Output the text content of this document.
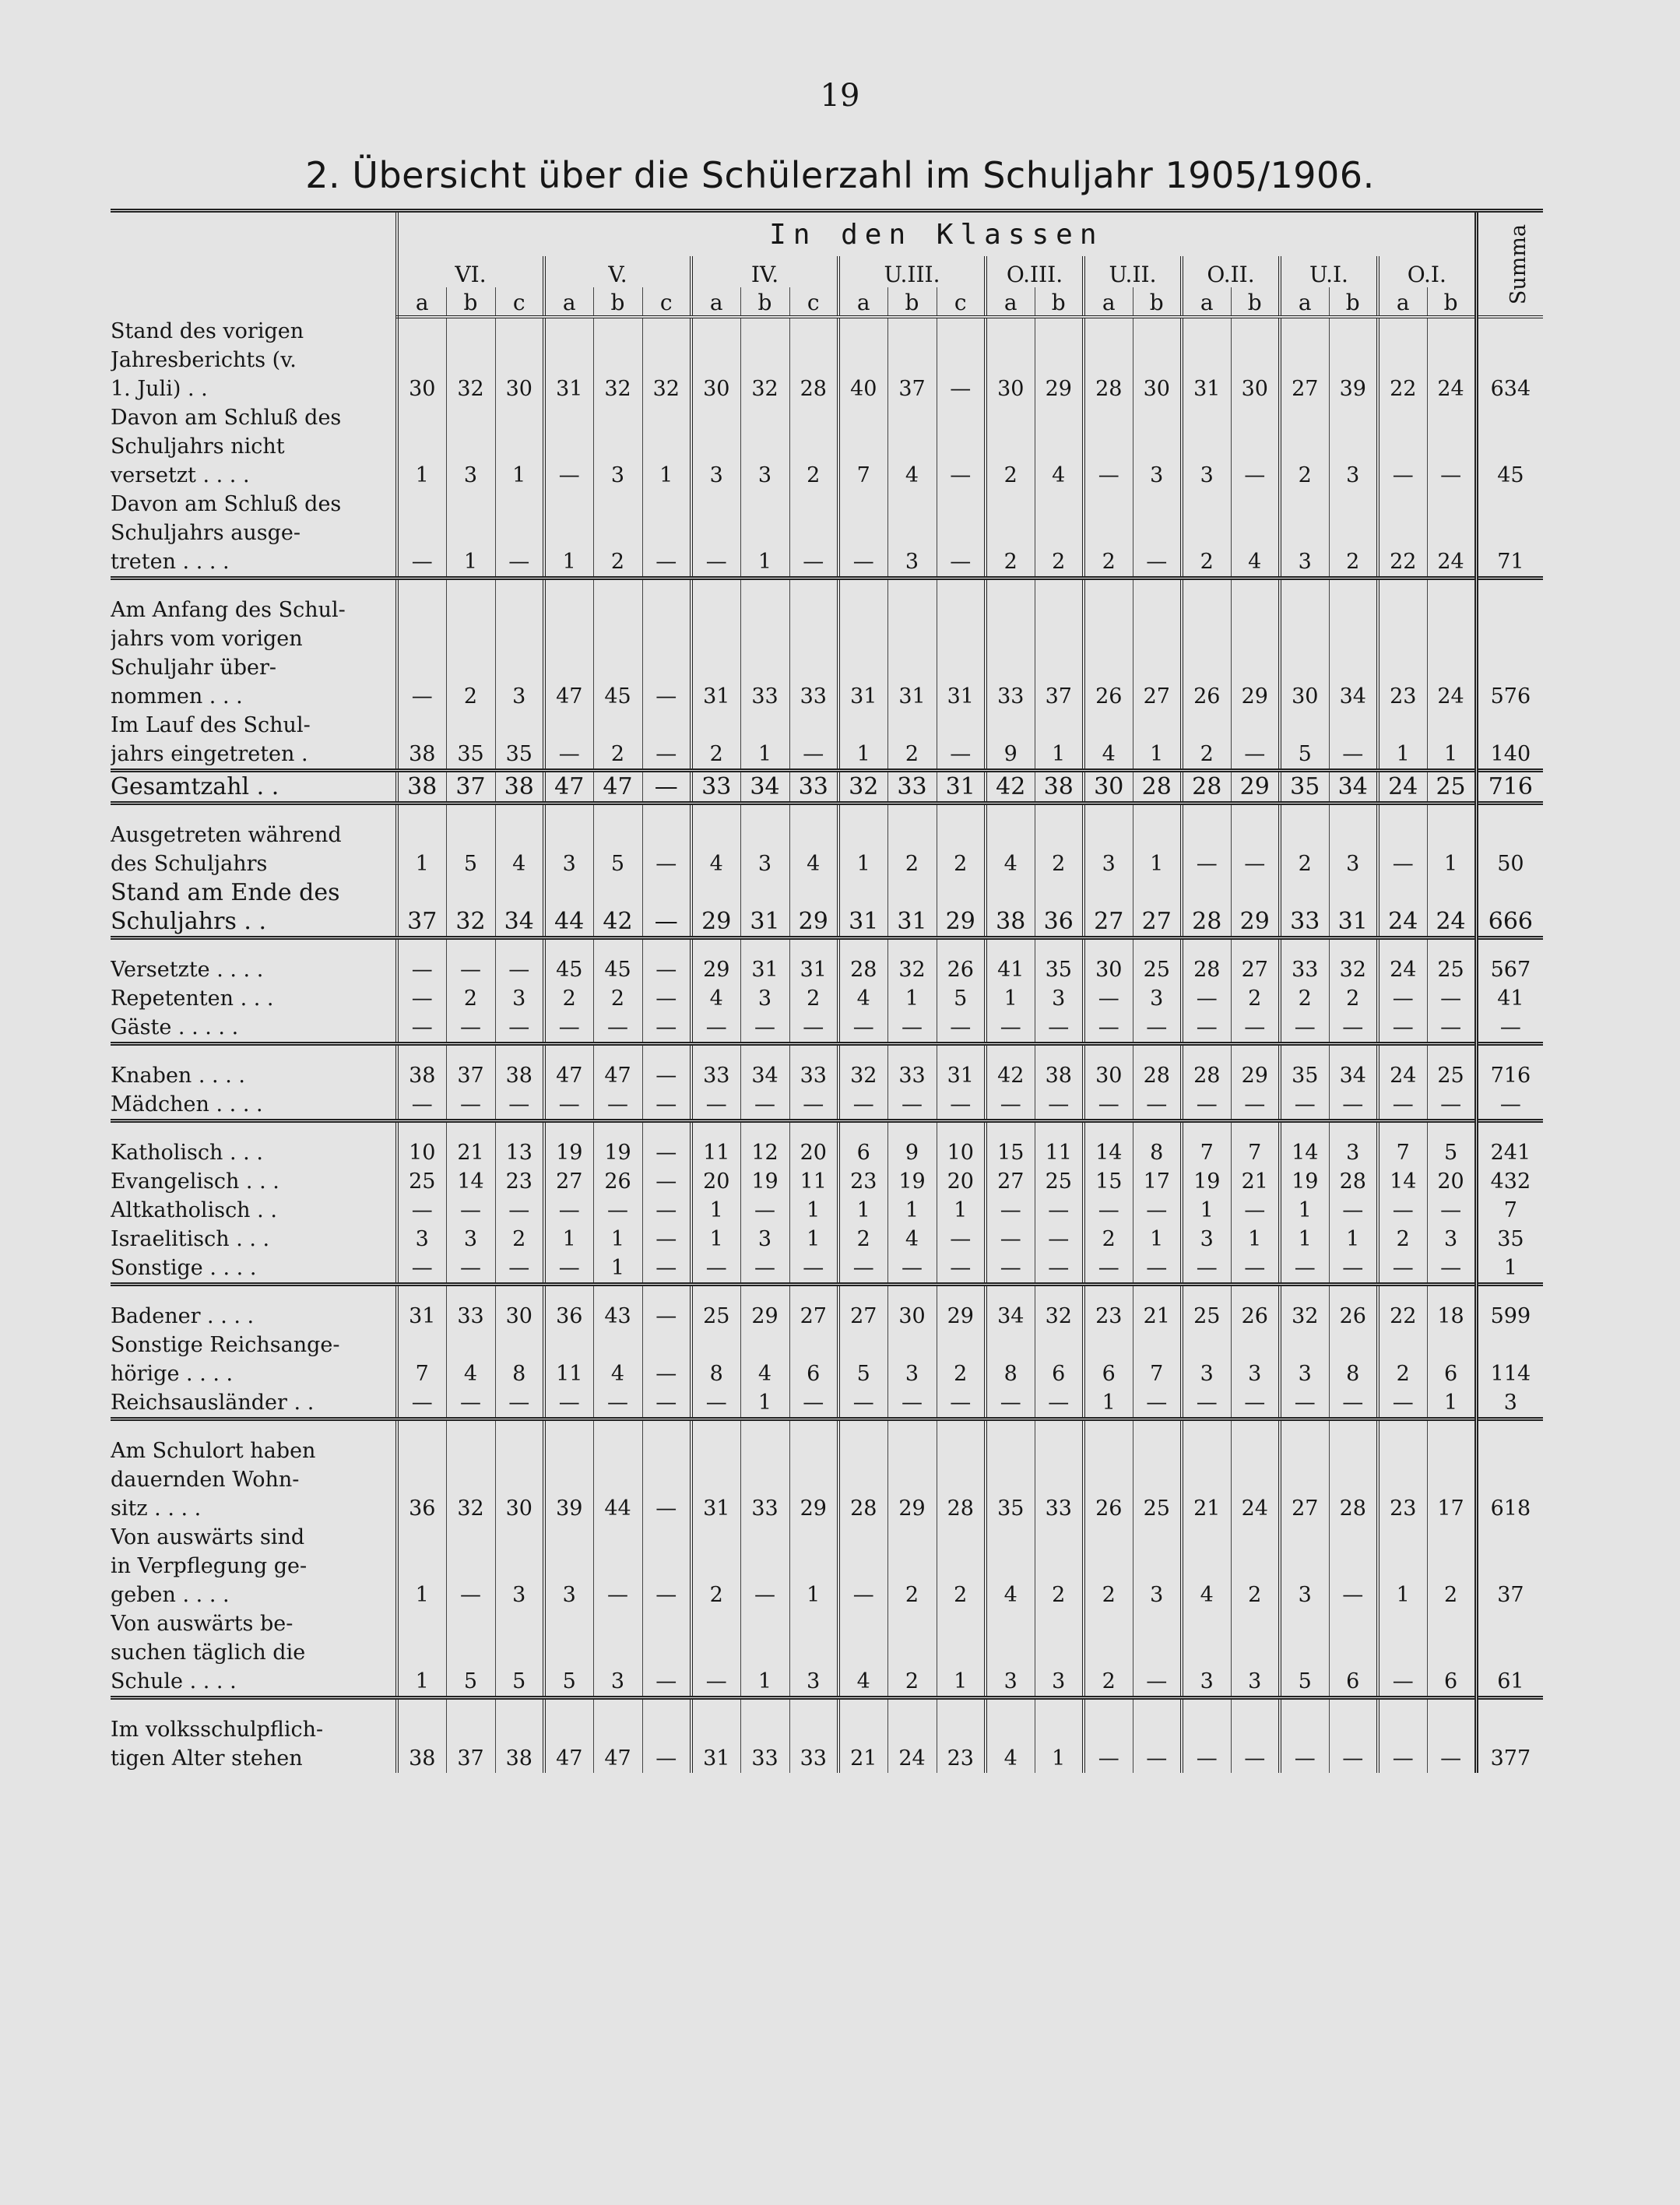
19
2. Übersicht über die Schülerzahl im Schuljahr 1905/1906.
	In den Klassen																						Summa
	VI.			V.			IV.			U.III.			O.III.		U.II.		O.II.		U.I.		O.I.		
	a	b	c	a	b	c	a	b	c	a	b	c	a	b	a	b	a	b	a	b	a	b	

Stand des vorigen
Jahresberichts (v.
1. Juli) . .	30	32	30	31	32	32	30	32	28	40	37	—	30	29	28	30	31	30	27	39	22	24	634

Davon am Schluß des
Schuljahrs nicht
versetzt . . . .	1	3	1	—	3	1	3	3	2	7	4	—	2	4	—	3	3	—	2	3	—	—	45

Davon am Schluß des
Schuljahrs ausge-
treten . . . .	—	1	—	1	2	—	—	1	—	—	3	—	2	2	2	—	2	4	3	2	22	24	71

Am Anfang des Schul-
jahrs vom vorigen
Schuljahr über-
nommen . . .	—	2	3	47	45	—	31	33	33	31	31	31	33	37	26	27	26	29	30	34	23	24	576

Im Lauf des Schul-
jahrs eingetreten .	38	35	35	—	2	—	2	1	—	1	2	—	9	1	4	1	2	—	5	—	1	1	140

Gesamtzahl . .	38	37	38	47	47	—	33	34	33	32	33	31	42	38	30	28	28	29	35	34	24	25	716

Ausgetreten während
des Schuljahrs	1	5	4	3	5	—	4	3	4	1	2	2	4	2	3	1	—	—	2	3	—	1	50

Stand am Ende des
Schuljahrs . .	37	32	34	44	42	—	29	31	29	31	31	29	38	36	27	27	28	29	33	31	24	24	666

Versetzte . . . .	—	—	—	45	45	—	29	31	31	28	32	26	41	35	30	25	28	27	33	32	24	25	567

Repetenten . . .	—	2	3	2	2	—	4	3	2	4	1	5	1	3	—	3	—	2	2	2	—	—	41

Gäste . . . . .	—	—	—	—	—	—	—	—	—	—	—	—	—	—	—	—	—	—	—	—	—	—	—

Knaben . . . .	38	37	38	47	47	—	33	34	33	32	33	31	42	38	30	28	28	29	35	34	24	25	716

Mädchen . . . .	—	—	—	—	—	—	—	—	—	—	—	—	—	—	—	—	—	—	—	—	—	—	—

Katholisch . . .	10	21	13	19	19	—	11	12	20	6	9	10	15	11	14	8	7	7	14	3	7	5	241

Evangelisch . . .	25	14	23	27	26	—	20	19	11	23	19	20	27	25	15	17	19	21	19	28	14	20	432

Altkatholisch . .	—	—	—	—	—	—	1	—	1	1	1	1	—	—	—	—	1	—	1	—	—	—	7

Israelitisch . . .	3	3	2	1	1	—	1	3	1	2	4	—	—	—	2	1	3	1	1	1	2	3	35

Sonstige . . . .	—	—	—	—	1	—	—	—	—	—	—	—	—	—	—	—	—	—	—	—	—	—	1

Badener . . . .	31	33	30	36	43	—	25	29	27	27	30	29	34	32	23	21	25	26	32	26	22	18	599

Sonstige Reichsange-
hörige . . . .	7	4	8	11	4	—	8	4	6	5	3	2	8	6	6	7	3	3	3	8	2	6	114

Reichsausländer . .	—	—	—	—	—	—	—	1	—	—	—	—	—	—	1	—	—	—	—	—	—	1	3

Am Schulort haben
dauernden Wohn-
sitz . . . .	36	32	30	39	44	—	31	33	29	28	29	28	35	33	26	25	21	24	27	28	23	17	618

Von auswärts sind
in Verpflegung ge-
geben . . . .	1	—	3	3	—	—	2	—	1	—	2	2	4	2	2	3	4	2	3	—	1	2	37

Von auswärts be-
suchen täglich die
Schule . . . .	1	5	5	5	3	—	—	1	3	4	2	1	3	3	2	—	3	3	5	6	—	6	61

Im volksschulpflich-
tigen Alter stehen	38	37	38	47	47	—	31	33	33	21	24	23	4	1	—	—	—	—	—	—	—	—	377
